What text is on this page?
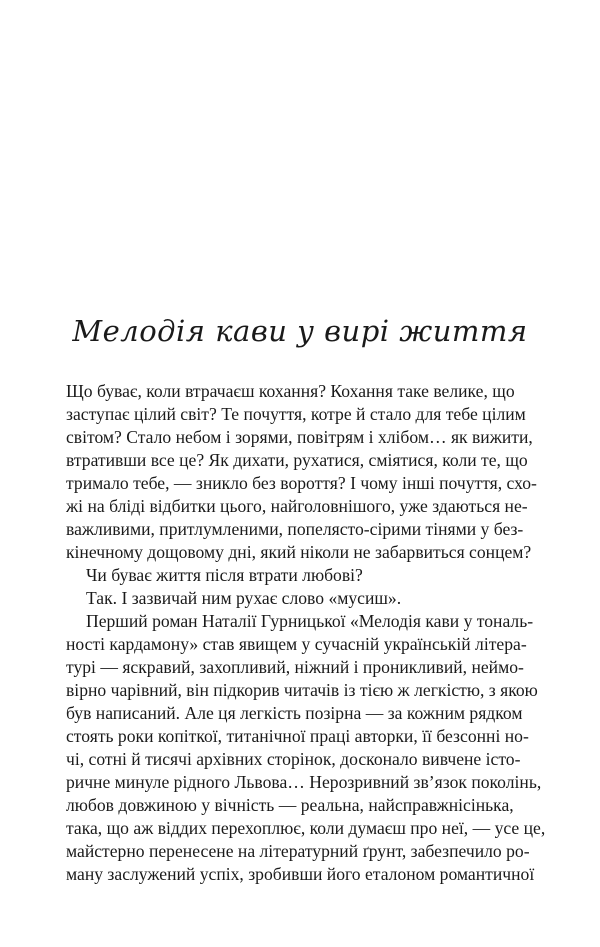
Мелодія кави у вирі життя
Що буває, коли втрачаєш кохання? Кохання таке велике, що
заступає цілий світ? Те почуття, котре й стало для тебе цілим
світом? Стало небом і зорями, повітрям і хлібом… як вижити,
втративши все це? Як дихати, рухатися, сміятися, коли те, що
тримало тебе, — зникло без вороття? І чому інші почуття, схо-
жі на бліді відбитки цього, найголовнішого, уже здаються не-
важливими, притлумленими, попелясто-сірими тінями у без-
кінечному дощовому дні, який ніколи не забарвиться сонцем?
Чи буває життя після втрати любові?
Так. І зазвичай ним рухає слово «мусиш».
Перший роман Наталії Гурницької «Мелодія кави у тональ-
ності кардамону» став явищем у сучасній українській літера-
турі — яскравий, захопливий, ніжний і проникливий, неймо-
вірно чарівний, він підкорив читачів із тією ж легкістю, з якою
був написаний. Але ця легкість позірна — за кожним рядком
стоять роки копіткої, титанічної праці авторки, її безсонні но-
чі, сотні й тисячі архівних сторінок, досконало вивчене істо-
ричне минуле рідного Львова… Нерозривний зв’язок поколінь,
любов довжиною у вічність — реальна, найсправжнісінька,
така, що аж віддих перехоплює, коли думаєш про неї, — усе це,
майстерно перенесене на літературний ґрунт, забезпечило ро-
ману заслужений успіх, зробивши його еталоном романтичної
